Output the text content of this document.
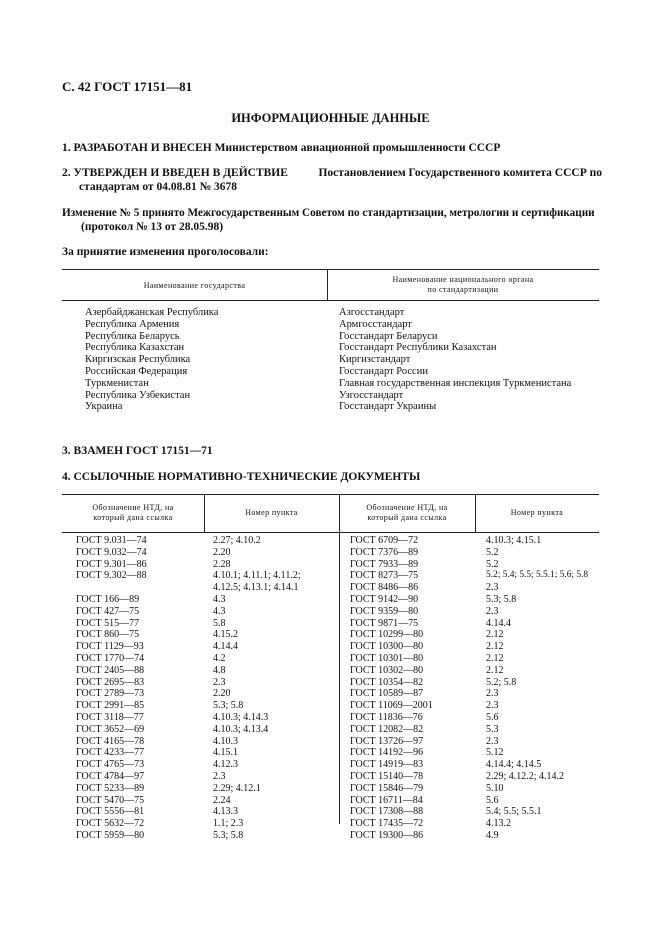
С. 42 ГОСТ 17151—81
ИНФОРМАЦИОННЫЕ ДАННЫЕ
1. РАЗРАБОТАН И ВНЕСЕН Министерством авиационной промышленности СССР
2. УТВЕРЖДЕН И ВВЕДЕН В ДЕЙСТВИЕ	Постановлением Государственного комитета СССР по
стандартам от 04.08.81 № 3678
Изменение № 5 принято Межгосударственным Советом по стандартизации, метрологии и сертификации
(протокол № 13 от 28.05.98)
За принятие изменения проголосовали:
Наименование государства
Наименование национального органа
по стандартизации
Азербайджанская Республика
Республика Армения
Республика Беларусь
Республика Казахстан
Киргизская Республика
Российская Федерация
Туркменистан
Республика Узбекистан
Украина
Азгосстандарт
Армгосстандарт
Госстандарт Беларуси
Госстандарт Республики Казахстан
Киргизстандарт
Госстандарт России
Главная государственная инспекция Туркменистана
Узгосстандарт
Госстандарт Украины
3. ВЗАМЕН ГОСТ 17151—71
4. ССЫЛОЧНЫЕ НОРМАТИВНО-ТЕХНИЧЕСКИЕ ДОКУМЕНТЫ
Обозначение НТД, на
который дана ссылка
Номер пункта
Обозначение НТД, на
который дана ссылка
Номер пункта
ГОСТ 9.031—74
ГОСТ 9.032—74
ГОСТ 9.301—86
ГОСТ 9.302—88
ГОСТ 166—89
ГОСТ 427—75
ГОСТ 515—77
ГОСТ 860—75
ГОСТ 1129—93
ГОСТ 1770—74
ГОСТ 2405—88
ГОСТ 2695—83
ГОСТ 2789—73
ГОСТ 2991—85
ГОСТ 3118—77
ГОСТ 3652—69
ГОСТ 4165—78
ГОСТ 4233—77
ГОСТ 4765—73
ГОСТ 4784—97
ГОСТ 5233—89
ГОСТ 5470—75
ГОСТ 5556—81
ГОСТ 5632—72
ГОСТ 5959—80
2.27; 4.10.2
2.20
2.28
4.10.1; 4.11.1; 4.11.2;
4.12.5; 4.13.1; 4.14.1
4.3
4.3
5.8
4.15.2
4.14.4
4.2
4.8
2.3
2.20
5.3; 5.8
4.10.3; 4.14.3
4.10.3; 4.13.4
4.10.3
4.15.1
4.12.3
2.3
2.29; 4.12.1
2.24
4.13.3
1.1; 2.3
5.3; 5.8
ГОСТ 6709—72
ГОСТ 7376—89
ГОСТ 7933—89
ГОСТ 8273—75
ГОСТ 8486—86
ГОСТ 9142—90
ГОСТ 9359—80
ГОСТ 9871—75
ГОСТ 10299—80
ГОСТ 10300—80
ГОСТ 10301—80
ГОСТ 10302—80
ГОСТ 10354—82
ГОСТ 10589—87
ГОСТ 11069—2001
ГОСТ 11836—76
ГОСТ 12082—82
ГОСТ 13726—97
ГОСТ 14192—96
ГОСТ 14919—83
ГОСТ 15140—78
ГОСТ 15846—79
ГОСТ 16711—84
ГОСТ 17308—88
ГОСТ 17435—72
ГОСТ 19300—86
4.10.3; 4.15.1
5.2
5.2
5.2; 5.4; 5.5; 5.5.1; 5.6; 5.8
2.3
5.3; 5.8
2.3
4.14.4
2.12
2.12
2.12
2.12
5.2; 5.8
2.3
2.3
5.6
5.3
2.3
5.12
4.14.4; 4.14.5
2.29; 4.12.2; 4.14.2
5.10
5.6
5.4; 5.5; 5.5.1
4.13.2
4.9
